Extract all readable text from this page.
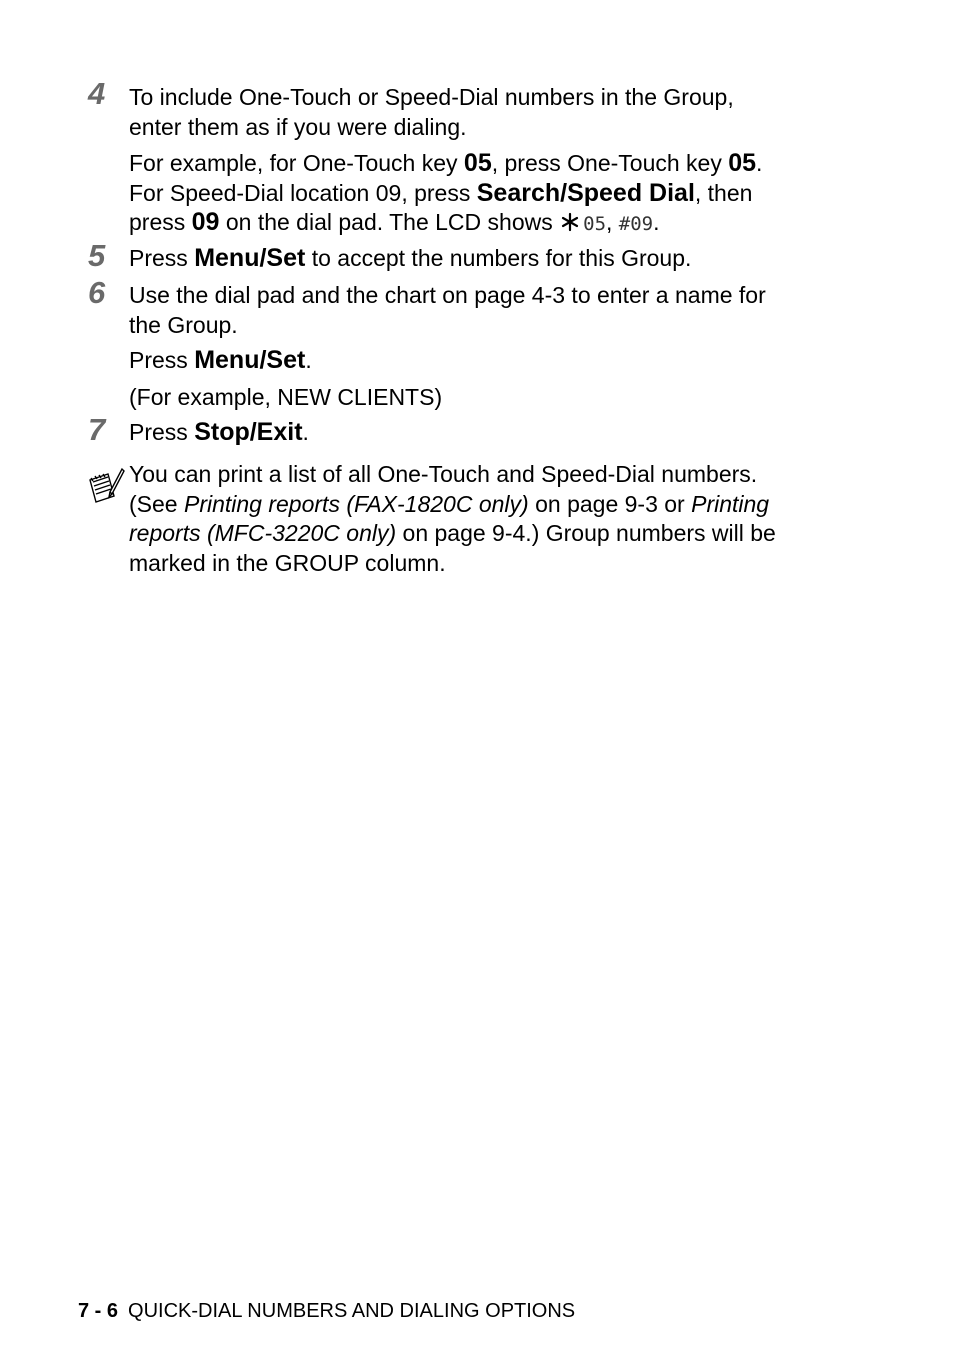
4 To include One-Touch or Speed-Dial numbers in the Group,
enter them as if you were dialing.
For example, for One-Touch key 05, press One-Touch key 05.
For Speed-Dial location 09, press Search/Speed Dial, then
press 09 on the dial pad. The LCD shows 05, #09.
5 Press Menu/Set to accept the numbers for this Group.
6 Use the dial pad and the chart on page 4-3 to enter a name for
the Group.
Press Menu/Set.
(For example, NEW CLIENTS)
7 Press Stop/Exit.
You can print a list of all One-Touch and Speed-Dial numbers.
(See Printing reports (FAX-1820C only) on page 9-3 or Printing
reports (MFC-3220C only) on page 9-4.) Group numbers will be
marked in the GROUP column.
7 - 6 QUICK-DIAL NUMBERS AND DIALING OPTIONS
